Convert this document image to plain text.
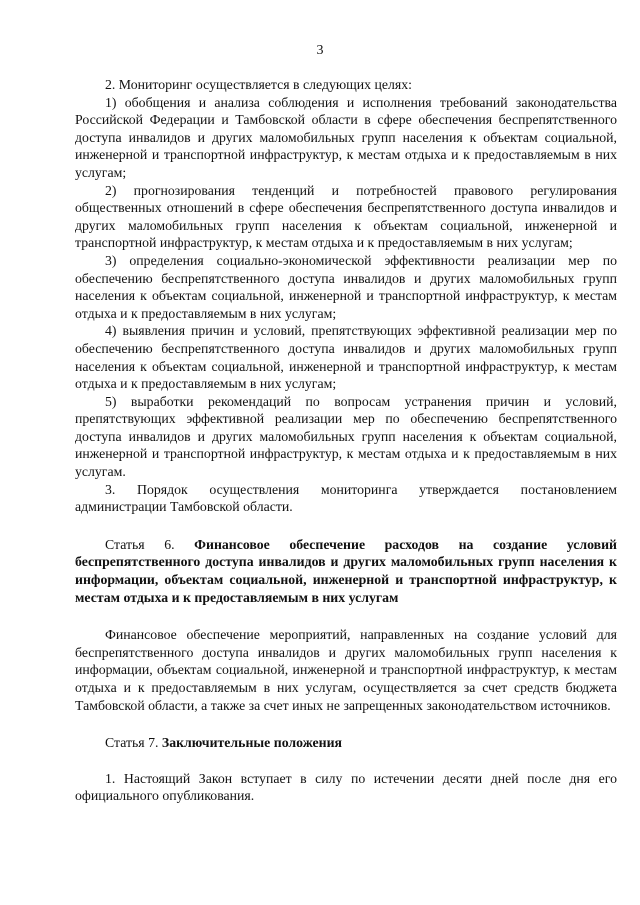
3

2. Мониторинг осуществляется в следующих целях:

1) обобщения и анализа соблюдения и исполнения требований законодательства Российской Федерации и Тамбовской области в сфере обеспечения беспрепятственного доступа инвалидов и других маломобильных групп населения к объектам социальной, инженерной и транспортной инфраструктур, к местам отдыха и к предоставляемым в них услугам;

2) прогнозирования тенденций и потребностей правового регулирования общественных отношений в сфере обеспечения беспрепятственного доступа инвалидов и других маломобильных групп населения к объектам социальной, инженерной и транспортной инфраструктур, к местам отдыха и к предоставляемым в них услугам;

3) определения социально-экономической эффективности реализации мер по обеспечению беспрепятственного доступа инвалидов и других маломобильных групп населения к объектам социальной, инженерной и транспортной инфраструктур, к местам отдыха и к предоставляемым в них услугам;

4) выявления причин и условий, препятствующих эффективной реализации мер по обеспечению беспрепятственного доступа инвалидов и других маломобильных групп населения к объектам социальной, инженерной и транспортной инфраструктур, к местам отдыха и к предоставляемым в них услугам;

5) выработки рекомендаций по вопросам устранения причин и условий, препятствующих эффективной реализации мер по обеспечению беспрепятственного доступа инвалидов и других маломобильных групп населения к объектам социальной, инженерной и транспортной инфраструктур, к местам отдыха и к предоставляемым в них услугам.

3. Порядок осуществления мониторинга утверждается постановлением администрации Тамбовской области.

Статья 6. Финансовое обеспечение расходов на создание условий беспрепятственного доступа инвалидов и других маломобильных групп населения к информации, объектам социальной, инженерной и транспортной инфраструктур, к местам отдыха и к предоставляемым в них услугам

Финансовое обеспечение мероприятий, направленных на создание условий для беспрепятственного доступа инвалидов и других маломобильных групп населения к информации, объектам социальной, инженерной и транспортной инфраструктур, к местам отдыха и к предоставляемым в них услугам, осуществляется за счет средств бюджета Тамбовской области, а также за счет иных не запрещенных законодательством источников.

Статья 7. Заключительные положения

1. Настоящий Закон вступает в силу по истечении десяти дней после дня его официального опубликования.
